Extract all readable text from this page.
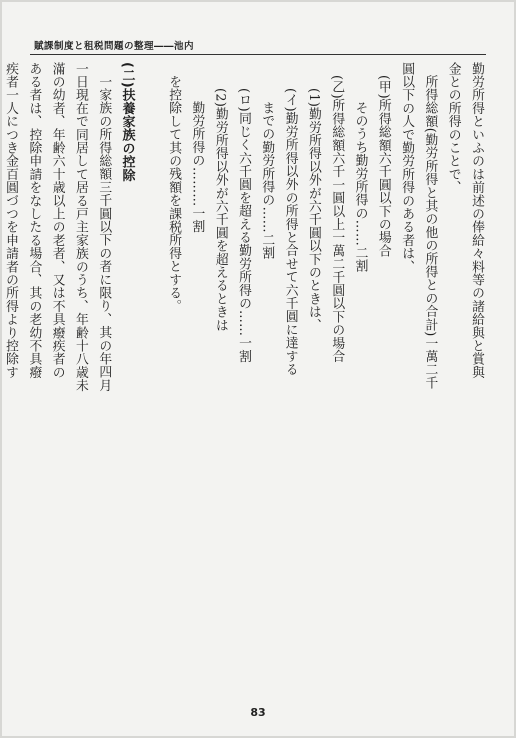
賦課制度と租税問題の整理――池内

勤労所得といふのは前述の俸給々料等の諸給與と賞與

金との所得のことで、

所得総額(勤労所得と其の他の所得との合計)一萬二千

圓以下の人で勤労所得のある者は、

(甲)所得総額六千圓以下の場合

そのうち勤労所得の……二割

(乙)所得総額六千一圓以上一萬二千圓以下の場合

(1)勤労所得以外が六千圓以下のときは、

(イ)勤労所得以外の所得と合せて六千圓に達する

までの勤労所得の……二割

(ロ)同じく六千圓を超える勤労所得の……一割

(2)勤労所得以外が六千圓を超えるときは

勤労所得の………一割

を控除して其の残額を課税所得とする。

(二)扶養家族の控除

一家族の所得総額三千圓以下の者に限り、其の年四月

一日現在で同居して居る戸主家族のうち、年齢十八歳未

滿の幼者、年齢六十歳以上の老者、又は不具癈疾者の

ある者は、控除申請をなしたる場合、其の老幼不具癈

疾者一人につき金百圓づつを申請者の所得より控除す

83
